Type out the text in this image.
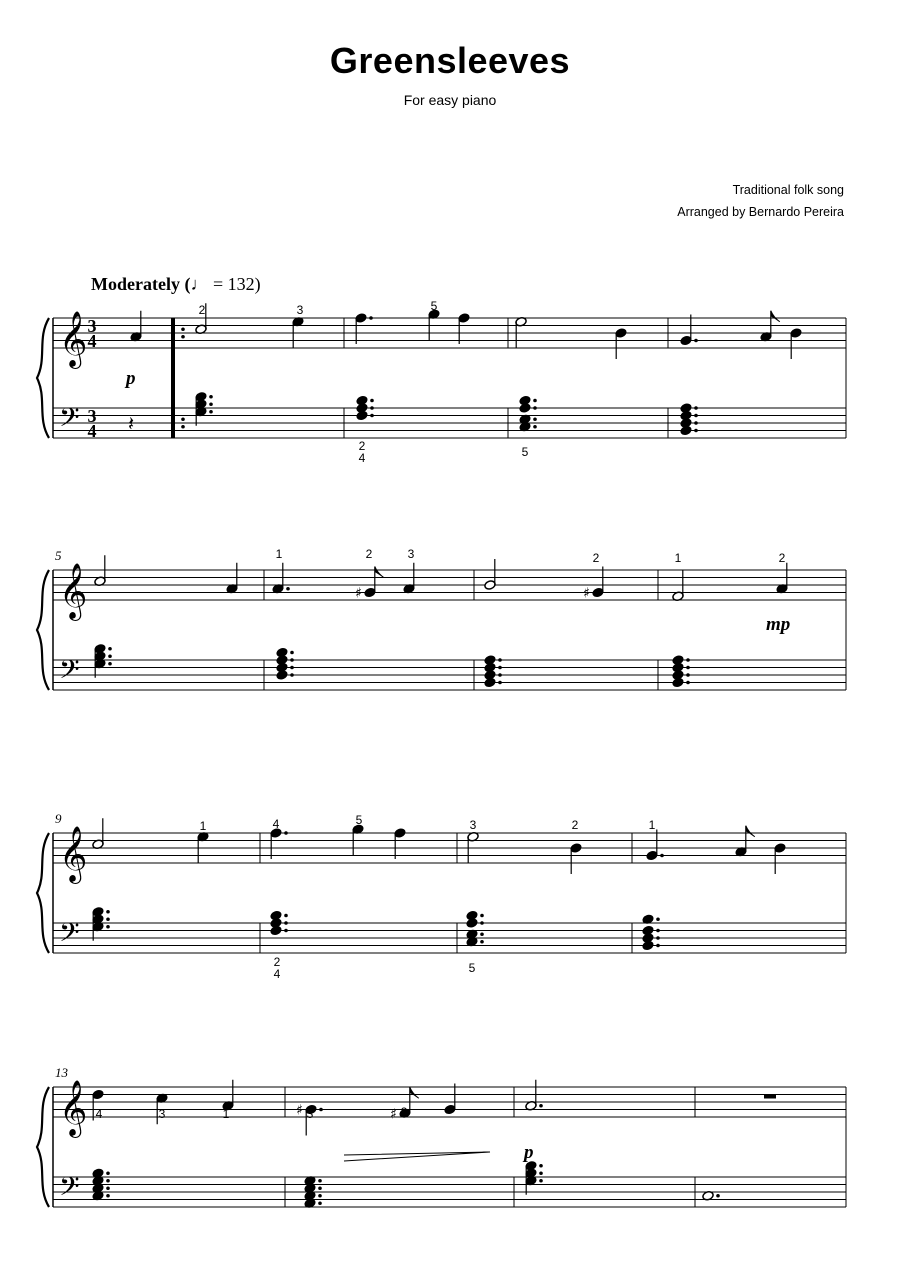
Greensleeves
For easy piano
Traditional folk song
Arranged by Bernardo Pereira
Moderately (♩ = 132)
𝄞
𝄢
𝄞
𝄢
5
𝄞
𝄢
9
𝄞
𝄢
13
3
4
3
4
p
𝄽
2	3	5
2
4	5
1
♯
2	3
♯
2	1	2
mp
1	4	5	3	2	1
2
4	5
4	3	1	♯ 3	♯ 2
p
